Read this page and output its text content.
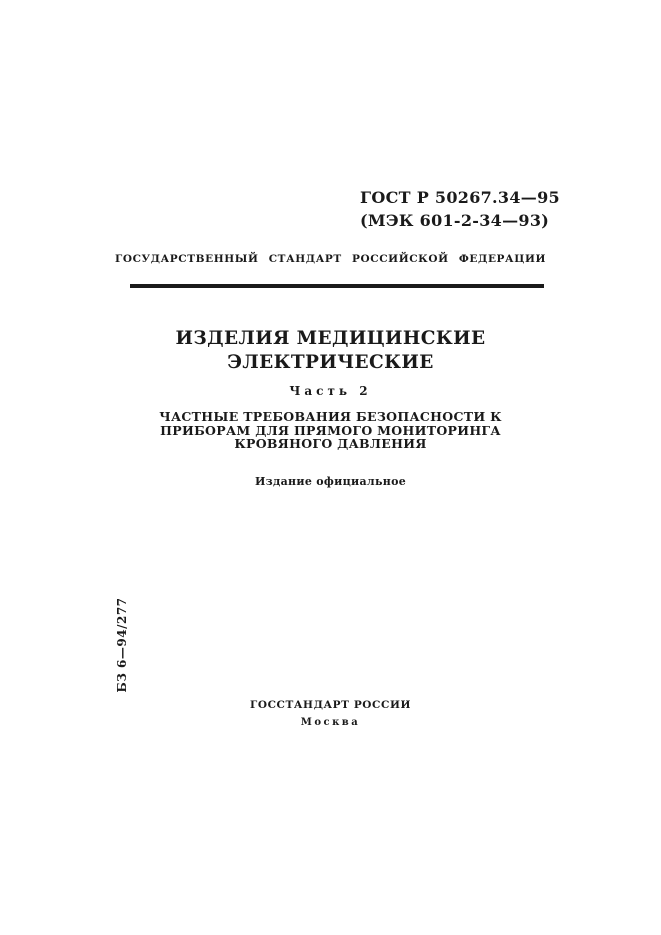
ГОСТ Р 50267.34—95
(МЭК 601-2-34—93)
ГОСУДАРСТВЕННЫЙ СТАНДАРТ РОССИЙСКОЙ ФЕДЕРАЦИИ
ИЗДЕЛИЯ МЕДИЦИНСКИЕ
ЭЛЕКТРИЧЕСКИЕ
Часть 2
ЧАСТНЫЕ ТРЕБОВАНИЯ БЕЗОПАСНОСТИ К
ПРИБОРАМ ДЛЯ ПРЯМОГО МОНИТОРИНГА
КРОВЯНОГО ДАВЛЕНИЯ
Издание официальное
БЗ 6—94/277
ГОССТАНДАРТ РОССИИ
Москва
